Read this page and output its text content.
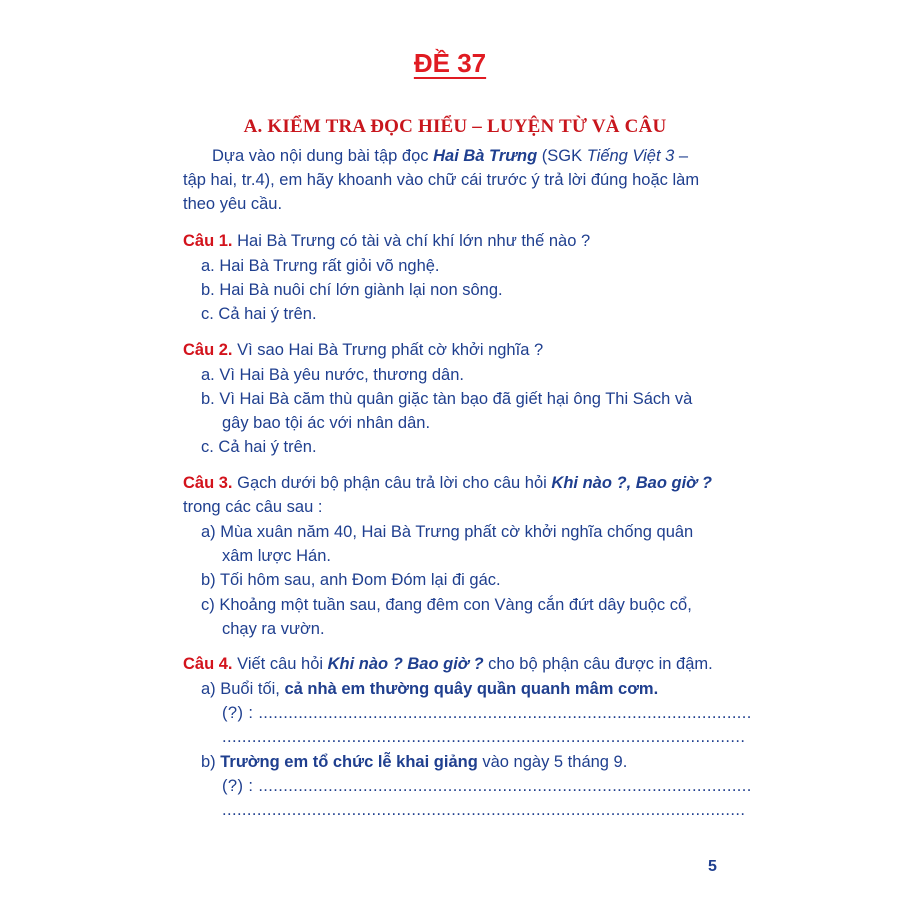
ĐỀ 37
A. KIỂM TRA ĐỌC HIỂU – LUYỆN TỪ VÀ CÂU
Dựa vào nội dung bài tập đọc Hai Bà Trưng (SGK Tiếng Việt 3 –
tập hai, tr.4), em hãy khoanh vào chữ cái trước ý trả lời đúng hoặc làm
theo yêu cầu.
Câu 1. Hai Bà Trưng có tài và chí khí lớn như thế nào ?
a. Hai Bà Trưng rất giỏi võ nghệ.
b. Hai Bà nuôi chí lớn giành lại non sông.
c. Cả hai ý trên.
Câu 2. Vì sao Hai Bà Trưng phất cờ khởi nghĩa ?
a. Vì Hai Bà yêu nước, thương dân.
b. Vì Hai Bà căm thù quân giặc tàn bạo đã giết hại ông Thi Sách và
gây bao tội ác với nhân dân.
c. Cả hai ý trên.
Câu 3. Gạch dưới bộ phận câu trả lời cho câu hỏi Khi nào ?, Bao giờ ?
trong các câu sau :
a) Mùa xuân năm 40, Hai Bà Trưng phất cờ khởi nghĩa chống quân
xâm lược Hán.
b) Tối hôm sau, anh Đom Đóm lại đi gác.
c) Khoảng một tuần sau, đang đêm con Vàng cắn đứt dây buộc cổ,
chạy ra vườn.
Câu 4. Viết câu hỏi Khi nào ? Bao giờ ? cho bộ phận câu được in đậm.
a) Buổi tối, cả nhà em thường quây quần quanh mâm cơm.
(?) : ...................................................................................................
.........................................................................................................
b) Trường em tổ chức lễ khai giảng vào ngày 5 tháng 9.
(?) : ...................................................................................................
.........................................................................................................
5
